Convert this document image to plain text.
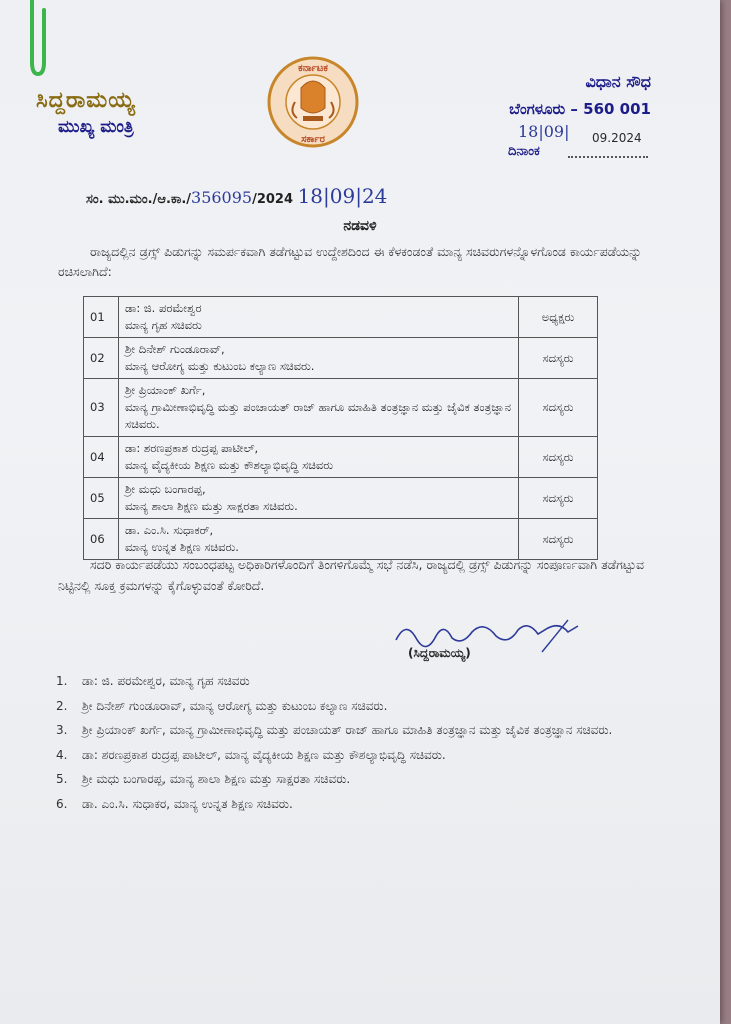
ಸಿದ್ದರಾಮಯ್ಯ
ಮುಖ್ಯ ಮಂತ್ರಿ
ಕರ್ನಾಟಕ
ಸರ್ಕಾರ
ವಿಧಾನ ಸೌಧ
ಬೆಂಗಳೂರು – 560 001
18|09| 09.2024
ದಿನಾಂಕ
ಸಂ. ಮು.ಮಂ./ಆ.ಕಾ./356095/2024 18|09|24
ನಡವಳಿ
ರಾಜ್ಯದಲ್ಲಿನ ಡ್ರಗ್ಸ್ ಪಿಡುಗನ್ನು ಸಮರ್ಪಕವಾಗಿ ತಡೆಗಟ್ಟುವ ಉದ್ದೇಶದಿಂದ ಈ ಕೆಳಕಂಡಂತೆ ಮಾನ್ಯ ಸಚಿವರುಗಳನ್ನೊಳಗೊಂಡ ಕಾರ್ಯಪಡೆಯನ್ನು ರಚಿಸಲಾಗಿದೆ:
01	ಡಾ: ಜಿ. ಪರಮೇಶ್ವರ
ಮಾನ್ಯ ಗೃಹ ಸಚಿವರು	ಅಧ್ಯಕ್ಷರು
02	ಶ್ರೀ ದಿನೇಶ್ ಗುಂಡೂರಾವ್,
ಮಾನ್ಯ ಆರೋಗ್ಯ ಮತ್ತು ಕುಟುಂಬ ಕಲ್ಯಾಣ ಸಚಿವರು.	ಸದಸ್ಯರು
03	ಶ್ರೀ ಪ್ರಿಯಾಂಕ್ ಖರ್ಗೆ,
ಮಾನ್ಯ ಗ್ರಾಮೀಣಾಭಿವೃದ್ಧಿ ಮತ್ತು ಪಂಚಾಯತ್ ರಾಜ್ ಹಾಗೂ ಮಾಹಿತಿ ತಂತ್ರಜ್ಞಾನ ಮತ್ತು ಜೈವಿಕ ತಂತ್ರಜ್ಞಾನ ಸಚಿವರು.	ಸದಸ್ಯರು
04	ಡಾ: ಶರಣಪ್ರಕಾಶ ರುದ್ರಪ್ಪ ಪಾಟೀಲ್,
ಮಾನ್ಯ ವೈದ್ಯಕೀಯ ಶಿಕ್ಷಣ ಮತ್ತು ಕೌಶಲ್ಯಾಭಿವೃದ್ಧಿ ಸಚಿವರು	ಸದಸ್ಯರು
05	ಶ್ರೀ ಮಧು ಬಂಗಾರಪ್ಪ,
ಮಾನ್ಯ ಶಾಲಾ ಶಿಕ್ಷಣ ಮತ್ತು ಸಾಕ್ಷರತಾ ಸಚಿವರು.	ಸದಸ್ಯರು
06	ಡಾ. ಎಂ.ಸಿ. ಸುಧಾಕರ್,
ಮಾನ್ಯ ಉನ್ನತ ಶಿಕ್ಷಣ ಸಚಿವರು.	ಸದಸ್ಯರು
ಸದರಿ ಕಾರ್ಯಪಡೆಯು ಸಂಬಂಧಪಟ್ಟ ಅಧಿಕಾರಿಗಳೊಂದಿಗೆ ತಿಂಗಳಿಗೊಮ್ಮೆ ಸಭೆ ನಡೆಸಿ, ರಾಜ್ಯದಲ್ಲಿ ಡ್ರಗ್ಸ್ ಪಿಡುಗನ್ನು ಸಂಪೂರ್ಣವಾಗಿ ತಡೆಗಟ್ಟುವ ನಿಟ್ಟಿನಲ್ಲಿ ಸೂಕ್ತ ಕ್ರಮಗಳನ್ನು ಕೈಗೊಳ್ಳುವಂತೆ ಕೋರಿದೆ.
(ಸಿದ್ದರಾಮಯ್ಯ)
1. ಡಾ: ಜಿ. ಪರಮೇಶ್ವರ, ಮಾನ್ಯ ಗೃಹ ಸಚಿವರು
2. ಶ್ರೀ ದಿನೇಶ್ ಗುಂಡೂರಾವ್, ಮಾನ್ಯ ಆರೋಗ್ಯ ಮತ್ತು ಕುಟುಂಬ ಕಲ್ಯಾಣ ಸಚಿವರು.
3. ಶ್ರೀ ಪ್ರಿಯಾಂಕ್ ಖರ್ಗೆ, ಮಾನ್ಯ ಗ್ರಾಮೀಣಾಭಿವೃದ್ಧಿ ಮತ್ತು ಪಂಚಾಯತ್ ರಾಜ್ ಹಾಗೂ ಮಾಹಿತಿ ತಂತ್ರಜ್ಞಾನ ಮತ್ತು ಜೈವಿಕ ತಂತ್ರಜ್ಞಾನ ಸಚಿವರು.
4. ಡಾ: ಶರಣಪ್ರಕಾಶ ರುದ್ರಪ್ಪ ಪಾಟೀಲ್, ಮಾನ್ಯ ವೈದ್ಯಕೀಯ ಶಿಕ್ಷಣ ಮತ್ತು ಕೌಶಲ್ಯಾಭಿವೃದ್ಧಿ ಸಚಿವರು.
5. ಶ್ರೀ ಮಧು ಬಂಗಾರಪ್ಪ, ಮಾನ್ಯ ಶಾಲಾ ಶಿಕ್ಷಣ ಮತ್ತು ಸಾಕ್ಷರತಾ ಸಚಿವರು.
6. ಡಾ. ಎಂ.ಸಿ. ಸುಧಾಕರ, ಮಾನ್ಯ ಉನ್ನತ ಶಿಕ್ಷಣ ಸಚಿವರು.
